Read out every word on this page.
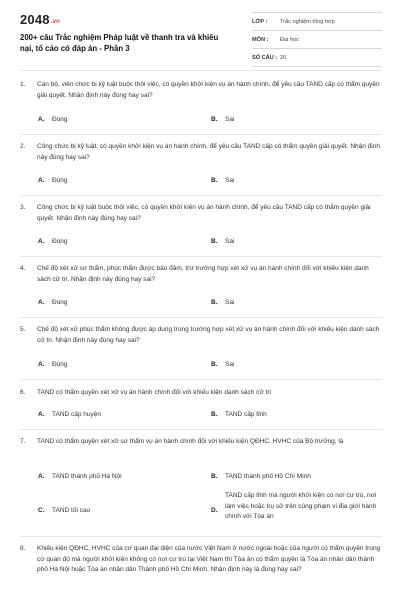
2048.vn
200+ câu Trắc nghiệm Pháp luật về thanh tra và khiếu nại, tố cáo có đáp án - Phần 3
LỚP :	Trắc nghiệm tổng hợp
MÔN :	Đại học
SỐ CÂU : 20
1. Cán bộ, viên chức bị kỷ luật buộc thôi việc, có quyền khởi kiện vụ án hành chính, để yêu cầu TAND cấp có thẩm quyền giải quyết. Nhận định này đúng hay sai?
A. Đúng	B. Sai
2. Công chức bị kỷ luật, có quyền khởi kiện vụ án hành chính, để yêu cầu TAND cấp có thẩm quyền giải quyết. Nhận định này đúng hay sai?
A. Đúng	B. Sai
3. Công chức bị kỷ luật buộc thôi việc, có quyền khởi kiện vụ án hành chính, để yêu cầu TAND cấp có thẩm quyền giải quyết. Nhận định này đúng hay sai?
A. Đúng	B. Sai
4. Chế độ xét xử sơ thẩm, phúc thẩm được bảo đảm, trừ trường hợp xét xử vụ án hành chính đối với khiếu kiện danh sách cử tri. Nhận định này đúng hay sai?
A. Đúng	B. Sai
5. Chế độ xét xử phúc thẩm không được áp dụng trong trường hợp xét xử vụ án hành chính đối với khiếu kiện danh sách cử tri. Nhận định này đúng hay sai?
A. Đúng	B. Sai
6. TAND có thẩm quyền xét xử vụ án hành chính đối với khiếu kiện danh sách cử tri
A. TAND cấp huyện	B. TAND cấp tỉnh
7. TAND có thẩm quyền xét xử sơ thẩm vụ án hành chính đối với khiếu kiện QĐHC, HVHC của Bộ trưởng, là
A. TAND thành phố Hà Nội	B. TAND thành phố Hồ Chí Minh
C. TAND tối cao	D.
TAND cấp tỉnh mà người khởi kiện có nơi cư trú, nơi làm việc hoặc trụ sở trên cùng phạm vi địa giới hành chính với Tòa án
8. Khiếu kiện QĐHC, HVHC của cơ quan đại diện của nước Việt Nam ở nước ngoài hoặc của người có thẩm quyền trong cơ quan đó mà người khởi kiện không có nơi cư trú tại Việt Nam thì Tòa án có thẩm quyền là Tòa án nhân dân thành phố Hà Nội hoặc Tòa án nhân dân Thành phố Hồ Chí Minh. Nhận định này là đúng hay sai?
